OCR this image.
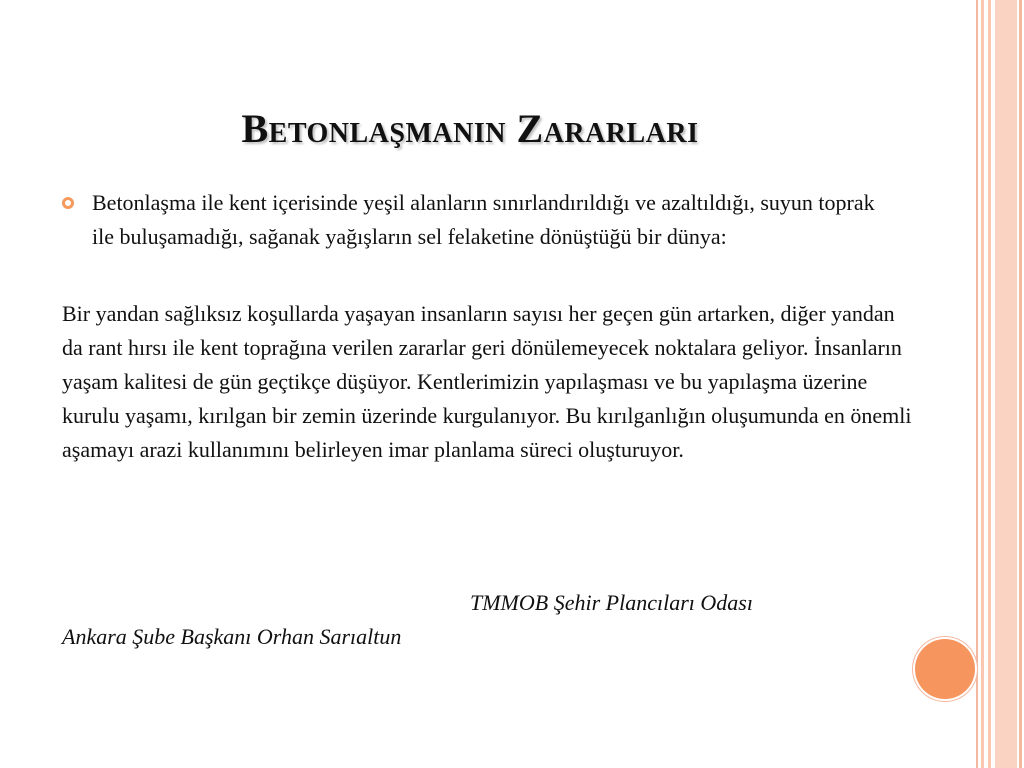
Betonlaşmanın Zararları
Betonlaşma ile kent içerisinde yeşil alanların sınırlandırıldığı ve azaltıldığı, suyun toprak ile buluşamadığı, sağanak yağışların sel felaketine dönüştüğü bir dünya:
Bir yandan sağlıksız koşullarda yaşayan insanların sayısı her geçen gün artarken, diğer yandan da rant hırsı ile kent toprağına verilen zararlar geri dönülemeyecek noktalara geliyor. İnsanların yaşam kalitesi de gün geçtikçe düşüyor. Kentlerimizin yapılaşması ve bu yapılaşma üzerine kurulu yaşamı, kırılgan bir zemin üzerinde kurgulanıyor. Bu kırılganlığın oluşumunda en önemli aşamayı arazi kullanımını belirleyen imar planlama süreci oluşturuyor.
TMMOB Şehir Plancıları Odası
Ankara Şube Başkanı Orhan Sarıaltun
